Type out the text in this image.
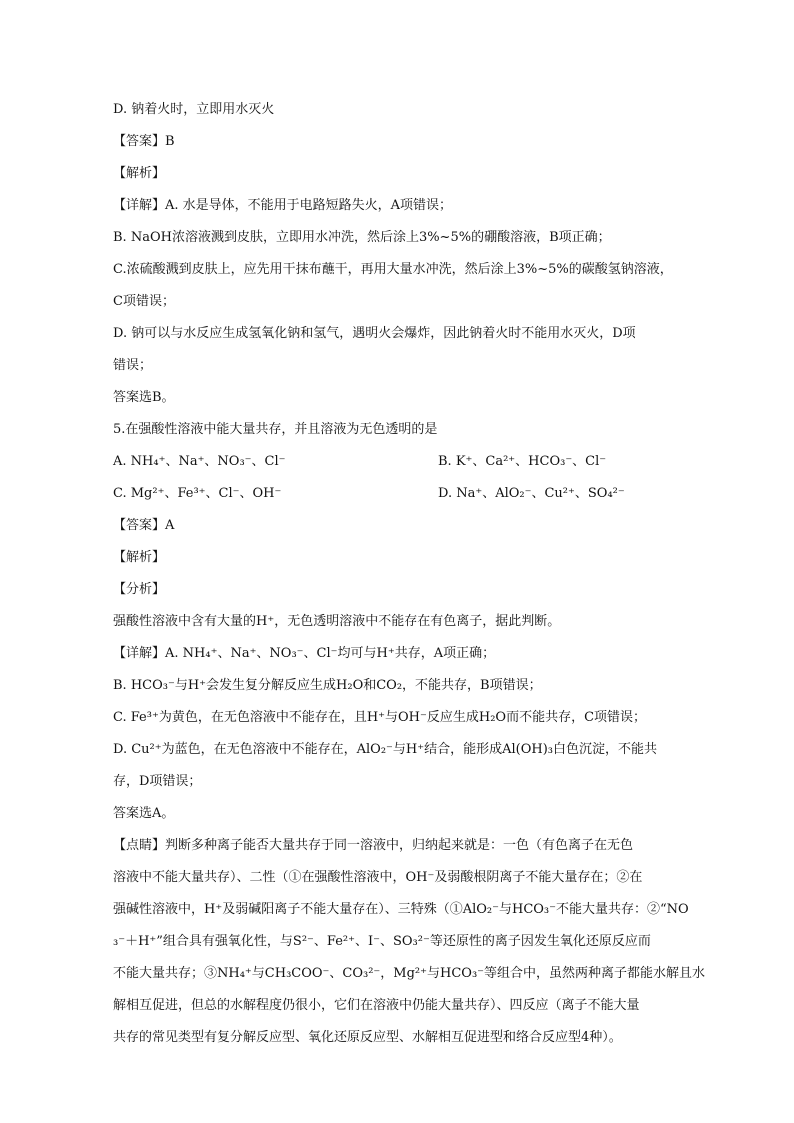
D. 钠着火时，立即用水灭火
【答案】B
【解析】
【详解】A. 水是导体，不能用于电路短路失火，A项错误；
B. NaOH浓溶液溅到皮肤，立即用水冲洗，然后涂上3%~5%的硼酸溶液，B项正确；
C.浓硫酸溅到皮肤上，应先用干抹布蘸干，再用大量水冲洗，然后涂上3%~5%的碳酸氢钠溶液，
C项错误；
D. 钠可以与水反应生成氢氧化钠和氢气，遇明火会爆炸，因此钠着火时不能用水灭火，D项
错误；
答案选B。
5.在强酸性溶液中能大量共存，并且溶液为无色透明的是
A. NH₄⁺、Na⁺、NO₃⁻、Cl⁻	B. K⁺、Ca²⁺、HCO₃⁻、Cl⁻
C. Mg²⁺、Fe³⁺、Cl⁻、OH⁻	D. Na⁺、AlO₂⁻、Cu²⁺、SO₄²⁻
【答案】A
【解析】
【分析】
强酸性溶液中含有大量的H⁺，无色透明溶液中不能存在有色离子，据此判断。
【详解】A. NH₄⁺、Na⁺、NO₃⁻、Cl⁻均可与H⁺共存，A项正确；
B. HCO₃⁻与H⁺会发生复分解反应生成H₂O和CO₂，不能共存，B项错误；
C. Fe³⁺为黄色，在无色溶液中不能存在，且H⁺与OH⁻反应生成H₂O而不能共存，C项错误；
D. Cu²⁺为蓝色，在无色溶液中不能存在，AlO₂⁻与H⁺结合，能形成Al(OH)₃白色沉淀，不能共
存，D项错误；
答案选A。
【点睛】判断多种离子能否大量共存于同一溶液中，归纳起来就是：一色（有色离子在无色
溶液中不能大量共存）、二性（①在强酸性溶液中，OH⁻及弱酸根阴离子不能大量存在；②在
强碱性溶液中，H⁺及弱碱阳离子不能大量存在）、三特殊（①AlO₂⁻与HCO₃⁻不能大量共存：②“NO
₃⁻＋H⁺”组合具有强氧化性，与S²⁻、Fe²⁺、I⁻、SO₃²⁻等还原性的离子因发生氧化还原反应而
不能大量共存；③NH₄⁺与CH₃COO⁻、CO₃²⁻，Mg²⁺与HCO₃⁻等组合中，虽然两种离子都能水解且水
解相互促进，但总的水解程度仍很小，它们在溶液中仍能大量共存）、四反应（离子不能大量
共存的常见类型有复分解反应型、氧化还原反应型、水解相互促进型和络合反应型4种）。
